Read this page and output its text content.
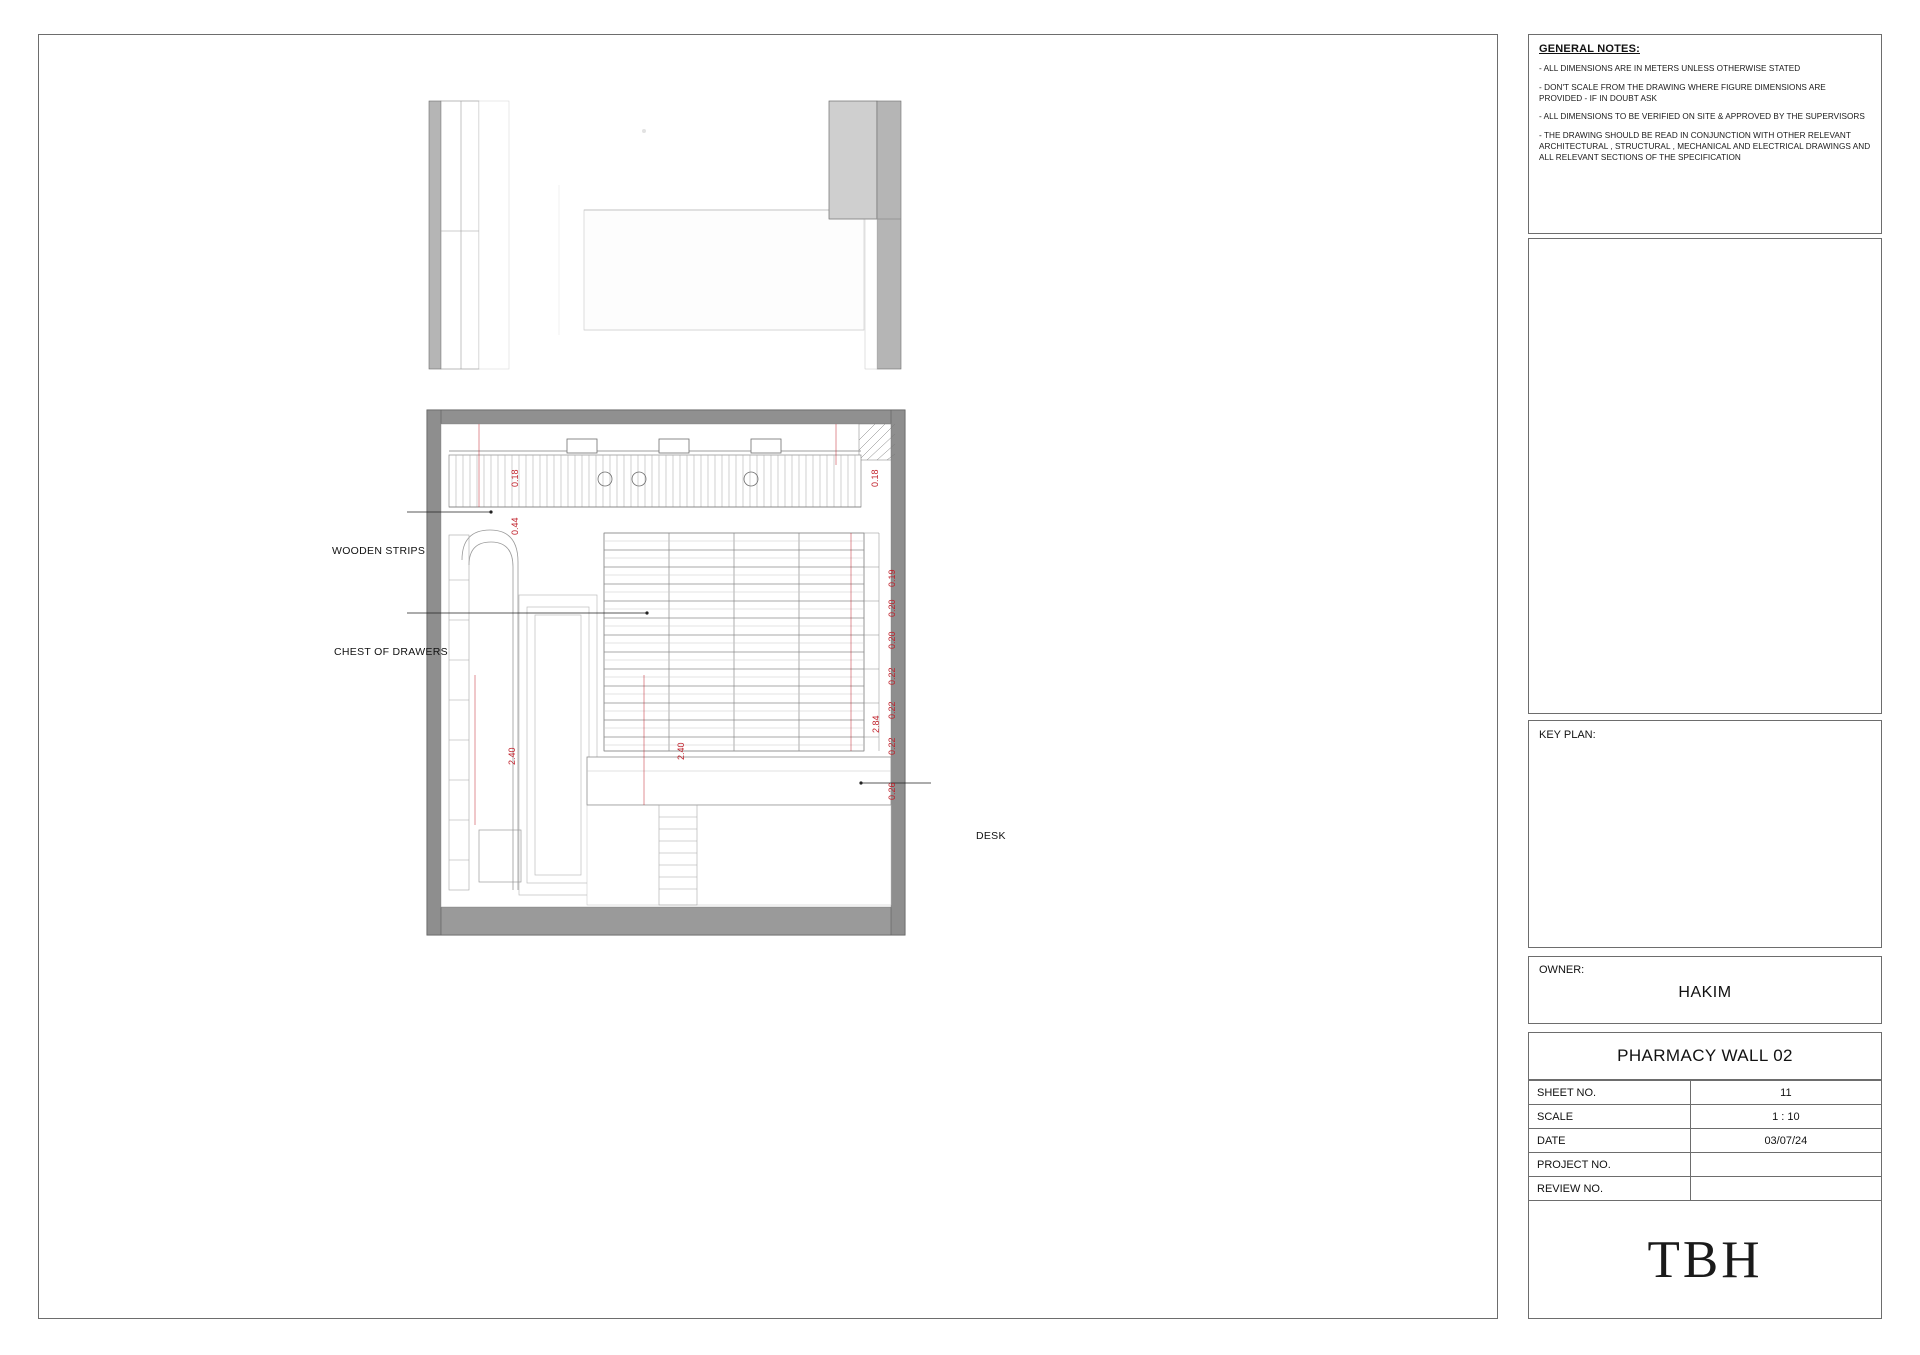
WOODEN STRIPS
CHEST OF DRAWERS
DESK
0.18	0.18
0.44
0.19
0.20
0.20
0.22
0.22
2.84
0.22
0.26
2.40
2.40
GENERAL NOTES:
- ALL DIMENSIONS ARE IN METERS UNLESS OTHERWISE STATED
- DON'T SCALE FROM THE DRAWING WHERE FIGURE DIMENSIONS ARE PROVIDED - IF IN DOUBT ASK
- ALL DIMENSIONS TO BE VERIFIED ON SITE & APPROVED BY THE SUPERVISORS
- THE DRAWING SHOULD BE READ IN CONJUNCTION WITH OTHER RELEVANT ARCHITECTURAL , STRUCTURAL , MECHANICAL AND ELECTRICAL DRAWINGS AND ALL RELEVANT SECTIONS OF THE SPECIFICATION
KEY PLAN:
OWNER:
HAKIM
PHARMACY WALL 02
SHEET NO.	11
SCALE	1 : 10
DATE	03/07/24
PROJECT NO.	
REVIEW NO.	
TBH
